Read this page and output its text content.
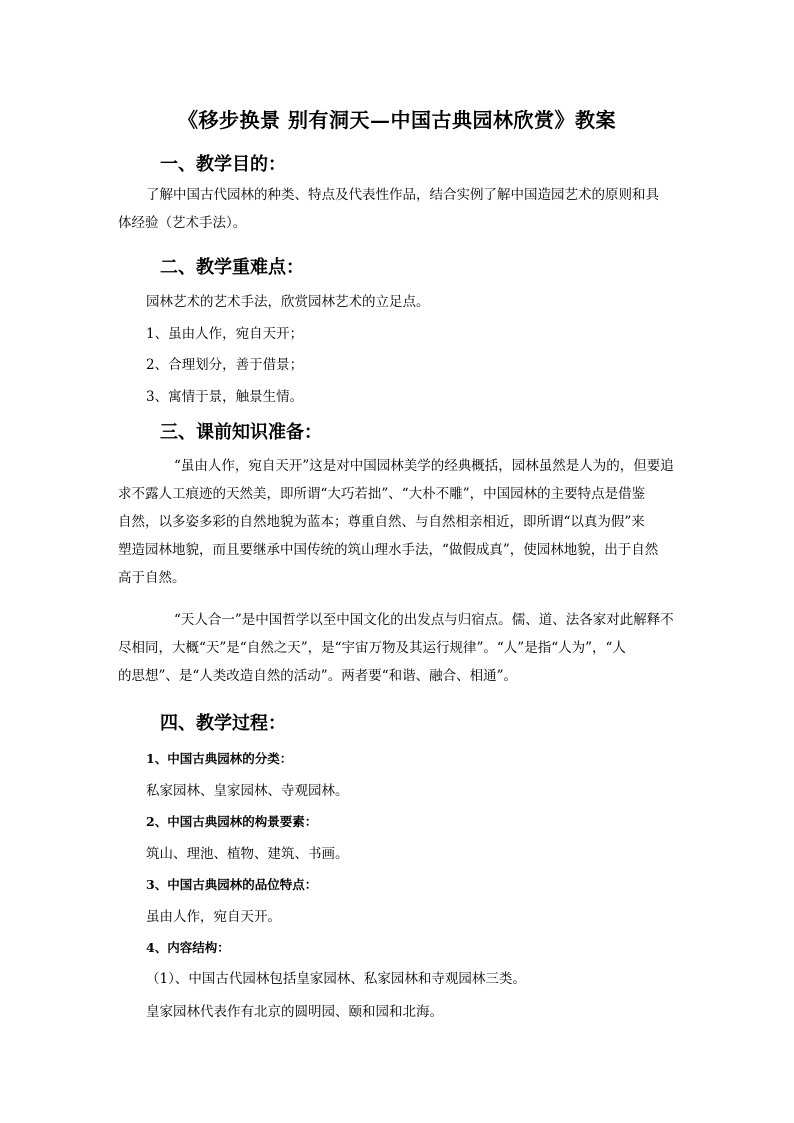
《移步换景 别有洞天—中国古典园林欣赏》教案
一、教学目的：
了解中国古代园林的种类、特点及代表性作品，结合实例了解中国造园艺术的原则和具
体经验（艺术手法）。
二、教学重难点：
园林艺术的艺术手法，欣赏园林艺术的立足点。
1、虽由人作，宛自天开；
2、合理划分，善于借景；
3、寓情于景，触景生情。
三、课前知识准备：
“虽由人作，宛自天开”这是对中国园林美学的经典概括，园林虽然是人为的，但要追
求不露人工痕迹的天然美，即所谓“大巧若拙”、“大朴不雕”，中国园林的主要特点是借鉴
自然，以多姿多彩的自然地貌为蓝本；尊重自然、与自然相亲相近，即所谓“以真为假”来
塑造园林地貌，而且要继承中国传统的筑山理水手法，“做假成真”，使园林地貌，出于自然
高于自然。
“天人合一”是中国哲学以至中国文化的出发点与归宿点。儒、道、法各家对此解释不
尽相同，大概“天”是“自然之天”，是“宇宙万物及其运行规律”。“人”是指“人为”，“人
的思想”、是“人类改造自然的活动”。两者要“和谐、融合、相通”。
四、教学过程：
1、中国古典园林的分类：
私家园林、皇家园林、寺观园林。
2、中国古典园林的构景要素：
筑山、理池、植物、建筑、书画。
3、中国古典园林的品位特点：
虽由人作，宛自天开。
4、内容结构：
（1）、中国古代园林包括皇家园林、私家园林和寺观园林三类。
皇家园林代表作有北京的圆明园、颐和园和北海。
